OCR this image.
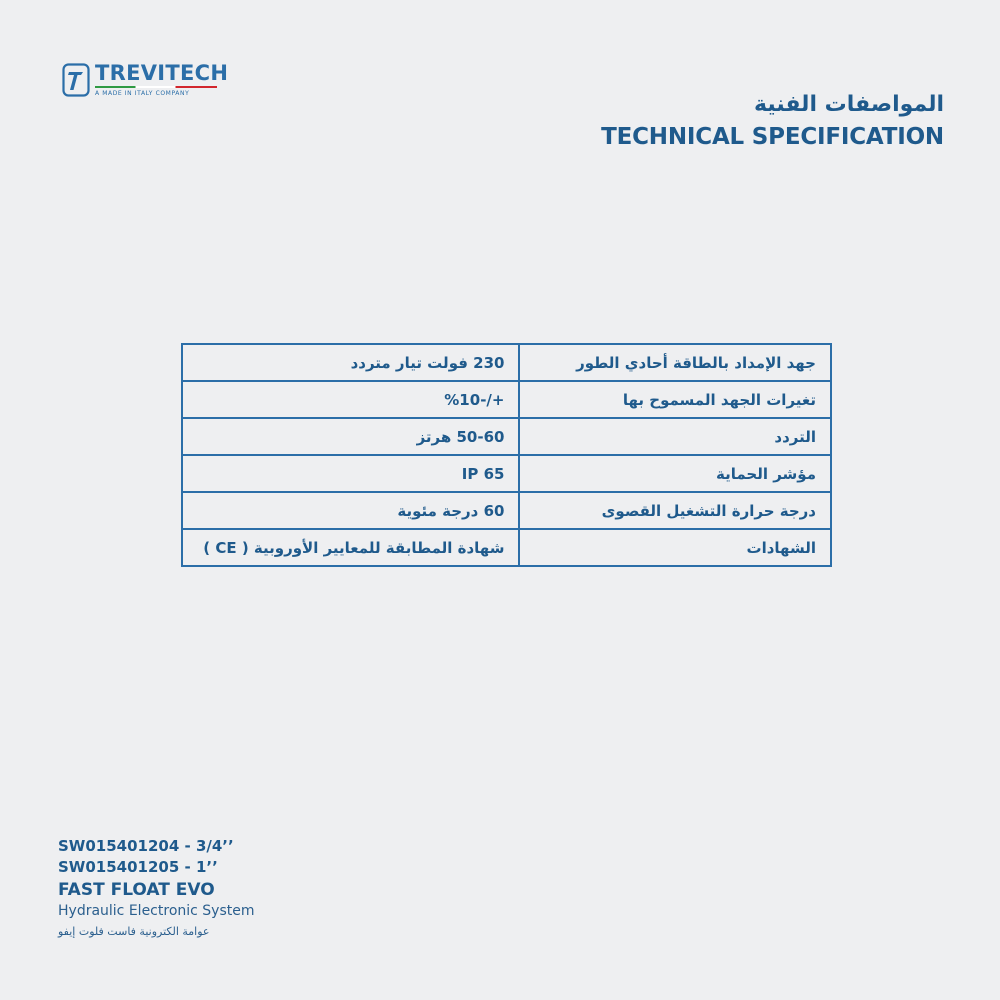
TREVITECH
A MADE IN ITALY COMPANY	المواصفات الفنية
TECHNICAL SPECIFICATION
جهد الإمداد بالطاقة أحادي الطور	230 فولت تيار متردد
تغيرات الجهد المسموح بها	+/-%10
التردد	50-60 هرتز
مؤشر الحماية	IP 65
درجة حرارة التشغيل القصوى	60 درجة مئوية
الشهادات	شهادة المطابقة للمعايير الأوروبية ( CE )
SW015401204 - 3/4’’
SW015401205 - 1’’
FAST FLOAT EVO
Hydraulic Electronic System
عوامة الكترونية فاست فلوت إيفو
